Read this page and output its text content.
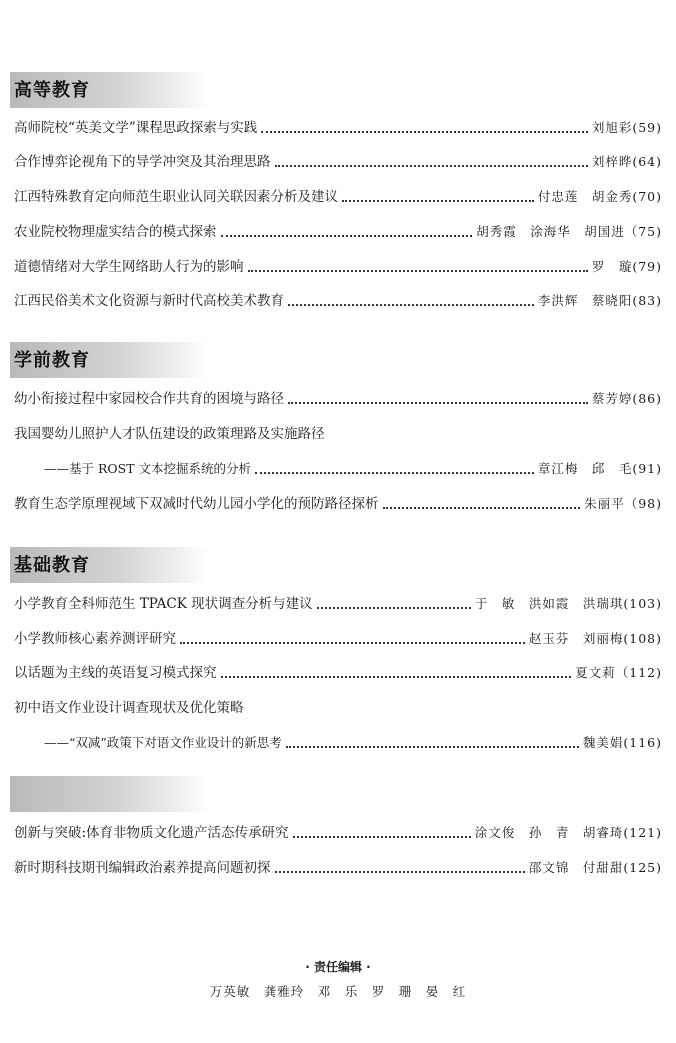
高等教育
高师院校“英美文学”课程思政探索与实践	刘旭彩(59)
合作博弈论视角下的导学冲突及其治理思路	刘梓晔(64)
江西特殊教育定向师范生职业认同关联因素分析及建议	付忠莲　胡金秀(70)
农业院校物理虚实结合的模式探索	胡秀霞　涂海华　胡国进（75)
道德情绪对大学生网络助人行为的影响	罗　璇(79)
江西民俗美术文化资源与新时代高校美术教育	李洪辉　蔡晓阳(83)
学前教育
幼小衔接过程中家园校合作共育的困境与路径	蔡芳婷(86)
我国婴幼儿照护人才队伍建设的政策理路及实施路径
——基于 ROST 文本挖掘系统的分析	章江梅　邱　毛(91)
教育生态学原理视域下双减时代幼儿园小学化的预防路径探析	朱丽平（98)
基础教育
小学教育全科师范生 TPACK 现状调查分析与建议	于　敏　洪如霞　洪瑞琪(103)
小学教师核心素养测评研究	赵玉芬　刘丽梅(108)
以话题为主线的英语复习模式探究	夏文莉（112)
初中语文作业设计调查现状及优化策略
——“双减”政策下对语文作业设计的新思考	魏美娟(116)
创新与突破:体育非物质文化遗产活态传承研究	涂文俊　孙　青　胡睿琦(121)
新时期科技期刊编辑政治素养提高问题初探	邵文锦　付甜甜(125)
· 责任编辑 ·
万英敏　龚雅玲　邓　乐　罗　珊　晏　红
